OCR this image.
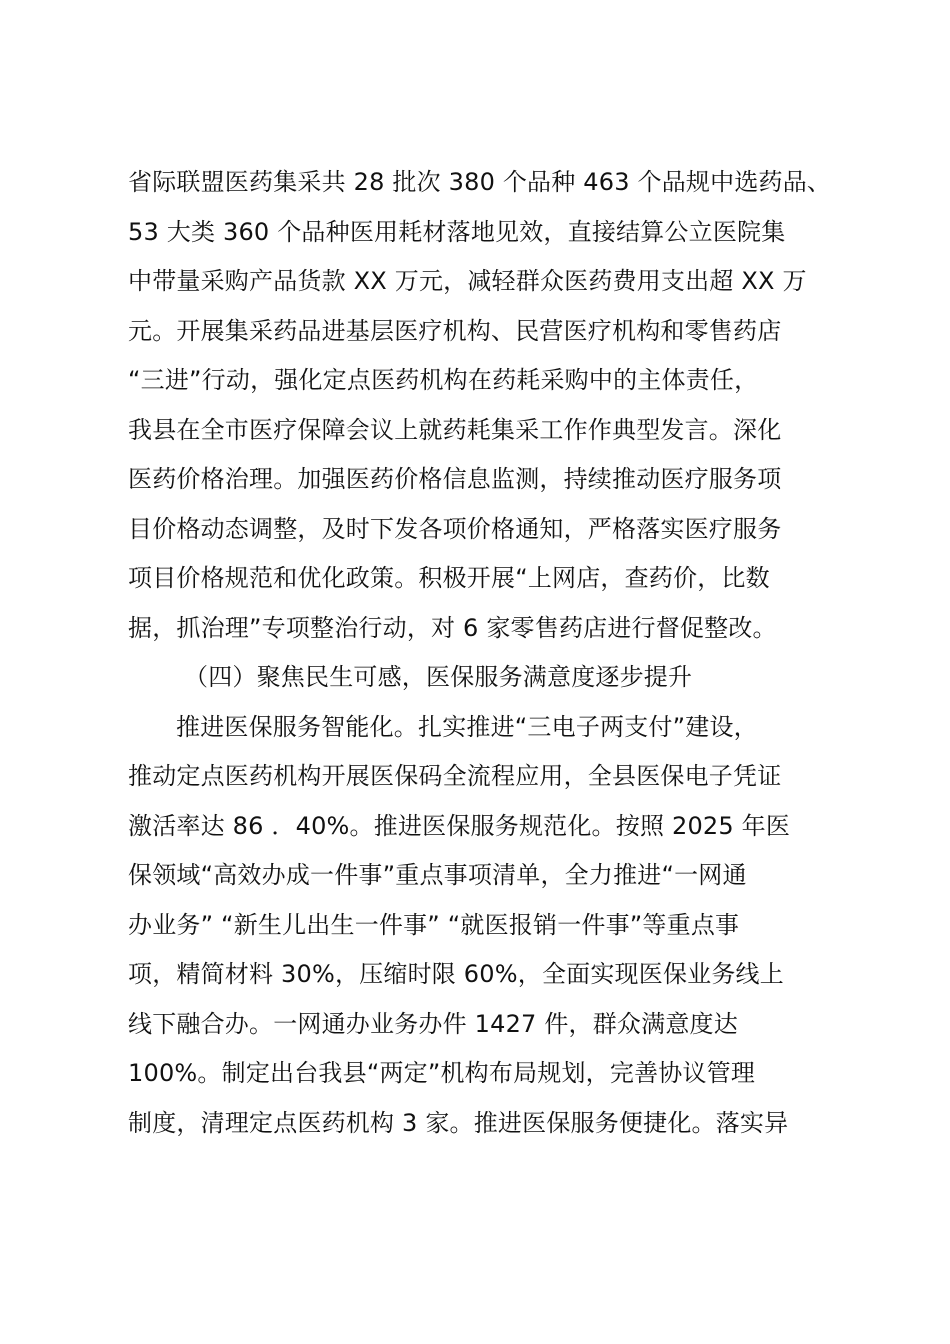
省际联盟医药集采共 28 批次 380 个品种 463 个品规中选药品、
53 大类 360 个品种医用耗材落地见效，直接结算公立医院集
中带量采购产品货款 XX 万元，减轻群众医药费用支出超 XX 万
元。开展集采药品进基层医疗机构、民营医疗机构和零售药店
“三进”行动，强化定点医药机构在药耗采购中的主体责任，
我县在全市医疗保障会议上就药耗集采工作作典型发言。深化
医药价格治理。加强医药价格信息监测，持续推动医疗服务项
目价格动态调整，及时下发各项价格通知，严格落实医疗服务
项目价格规范和优化政策。积极开展“上网店，查药价，比数
据，抓治理”专项整治行动，对 6 家零售药店进行督促整改。
（四）聚焦民生可感，医保服务满意度逐步提升
推进医保服务智能化。扎实推进“三电子两支付”建设，
推动定点医药机构开展医保码全流程应用，全县医保电子凭证
激活率达 86 ．40%。推进医保服务规范化。按照 2025 年医
保领域“高效办成一件事”重点事项清单，全力推进“一网通
办业务” “新生儿出生一件事” “就医报销一件事”等重点事
项，精简材料 30%，压缩时限 60%，全面实现医保业务线上
线下融合办。一网通办业务办件 1427 件，群众满意度达
100%。制定出台我县“两定”机构布局规划，完善协议管理
制度，清理定点医药机构 3 家。推进医保服务便捷化。落实异
